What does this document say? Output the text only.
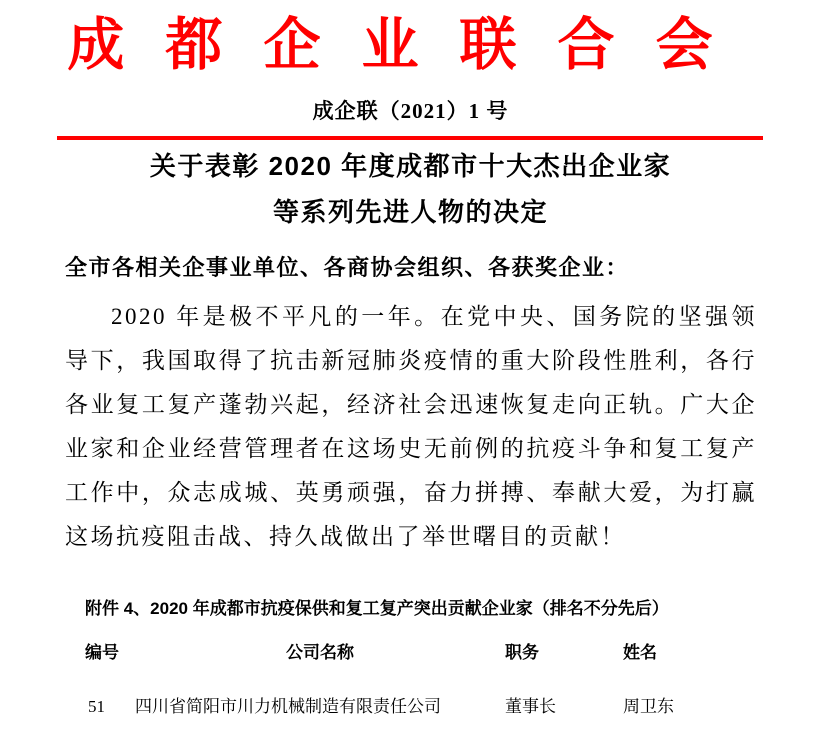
成都企业联合会
成企联（2021）1 号
关于表彰 2020 年度成都市十大杰出企业家
等系列先进人物的决定
全市各相关企事业单位、各商协会组织、各获奖企业：
2020 年是极不平凡的一年。在党中央、国务院的坚强领导下，我国取得了抗击新冠肺炎疫情的重大阶段性胜利，各行各业复工复产蓬勃兴起，经济社会迅速恢复走向正轨。广大企业家和企业经营管理者在这场史无前例的抗疫斗争和复工复产工作中，众志成城、英勇顽强，奋力拼搏、奉献大爱，为打赢这场抗疫阻击战、持久战做出了举世曙目的贡献！
附件 4、2020 年成都市抗疫保供和复工复产突出贡献企业家（排名不分先后）
编号	公司名称	职务	姓名
51	四川省简阳市川力机械制造有限责任公司	董事长	周卫东
